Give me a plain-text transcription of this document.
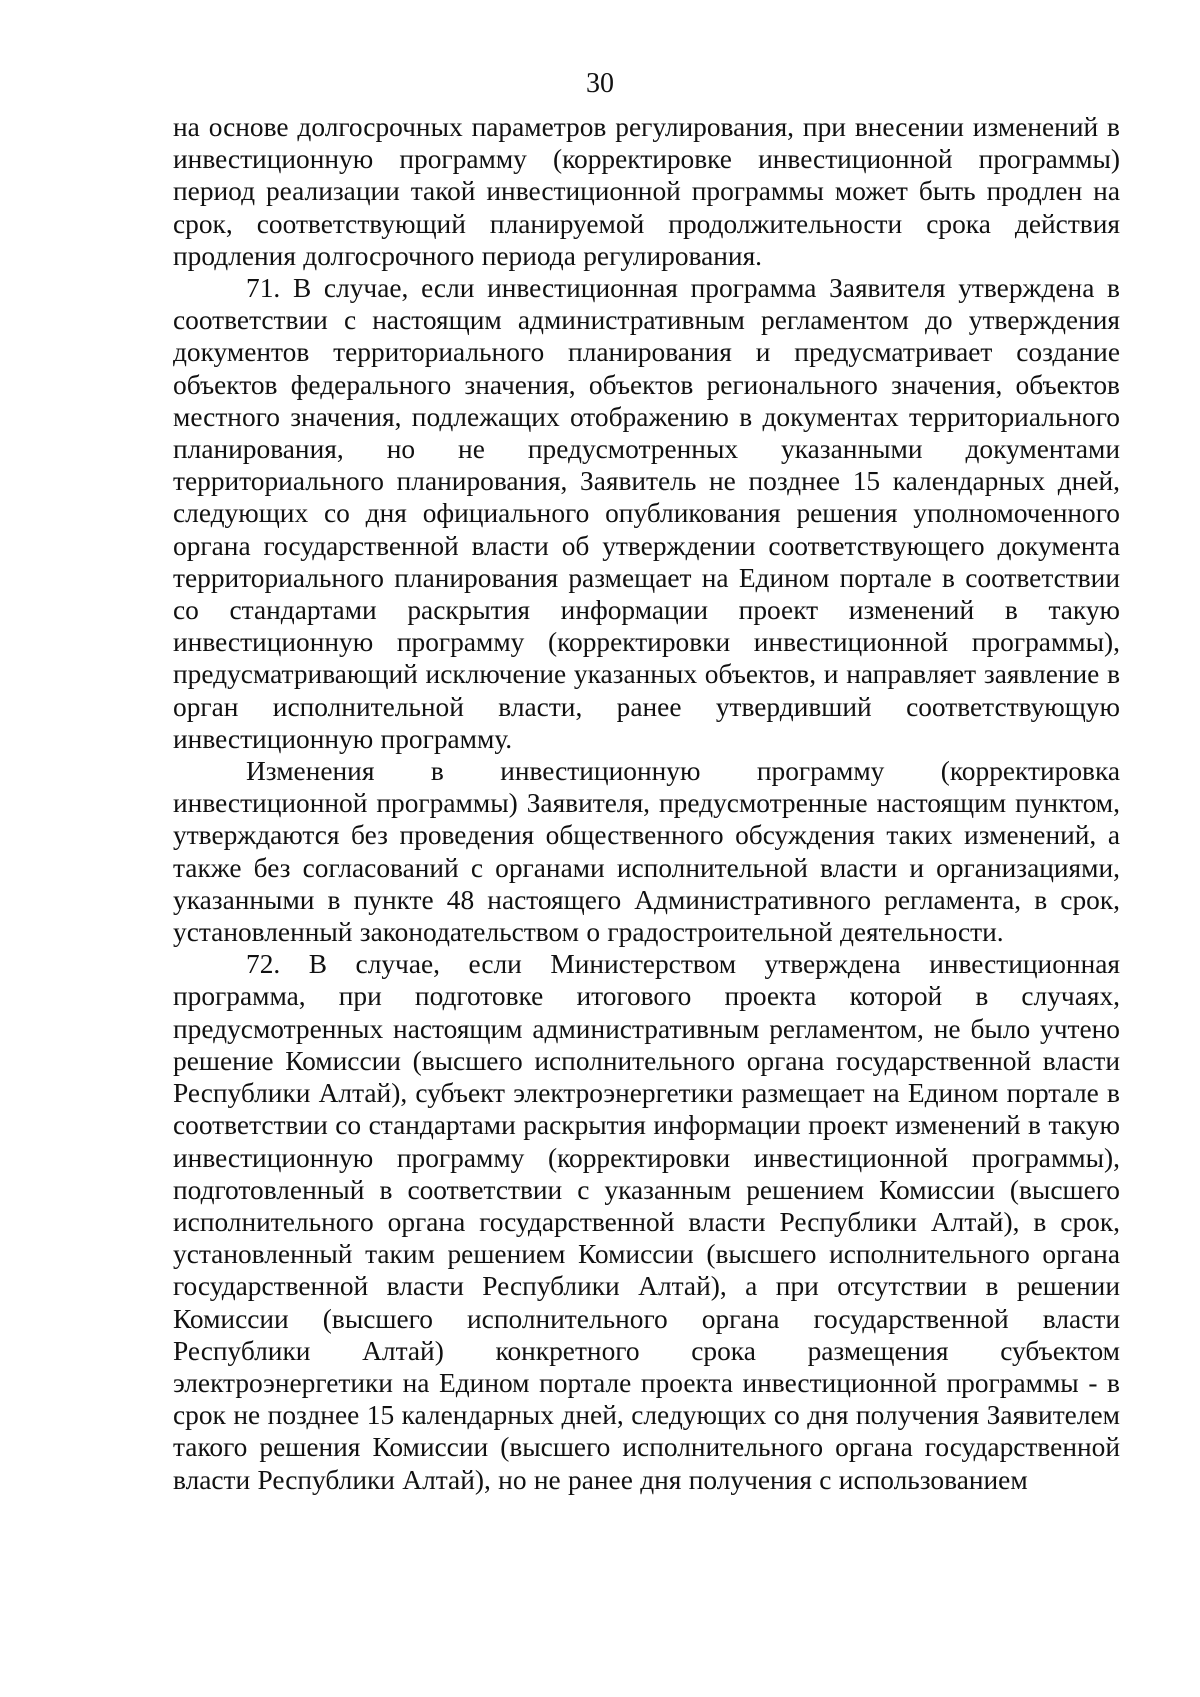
30

на основе долгосрочных параметров регулирования, при внесении изменений в инвестиционную программу (корректировке инвестиционной программы) период реализации такой инвестиционной программы может быть продлен на срок, соответствующий планируемой продолжительности срока действия продления долгосрочного периода регулирования.

71. В случае, если инвестиционная программа Заявителя утверждена в соответствии с настоящим административным регламентом до утверждения документов территориального планирования и предусматривает создание объектов федерального значения, объектов регионального значения, объектов местного значения, подлежащих отображению в документах территориального планирования, но не предусмотренных указанными документами территориального планирования, Заявитель не позднее 15 календарных дней, следующих со дня официального опубликования решения уполномоченного органа государственной власти об утверждении соответствующего документа территориального планирования размещает на Едином портале в соответствии со стандартами раскрытия информации проект изменений в такую инвестиционную программу (корректировки инвестиционной программы), предусматривающий исключение указанных объектов, и направляет заявление в орган исполнительной власти, ранее утвердивший соответствующую инвестиционную программу.

Изменения в инвестиционную программу (корректировка инвестиционной программы) Заявителя, предусмотренные настоящим пунктом, утверждаются без проведения общественного обсуждения таких изменений, а также без согласований с органами исполнительной власти и организациями, указанными в пункте 48 настоящего Административного регламента, в срок, установленный законодательством о градостроительной деятельности.

72. В случае, если Министерством утверждена инвестиционная программа, при подготовке итогового проекта которой в случаях, предусмотренных настоящим административным регламентом, не было учтено решение Комиссии (высшего исполнительного органа государственной власти Республики Алтай), субъект электроэнергетики размещает на Едином портале в соответствии со стандартами раскрытия информации проект изменений в такую инвестиционную программу (корректировки инвестиционной программы), подготовленный в соответствии с указанным решением Комиссии (высшего исполнительного органа государственной власти Республики Алтай), в срок, установленный таким решением Комиссии (высшего исполнительного органа государственной власти Республики Алтай), а при отсутствии в решении Комиссии (высшего исполнительного органа государственной власти Республики Алтай) конкретного срока размещения субъектом электроэнергетики на Едином портале проекта инвестиционной программы - в срок не позднее 15 календарных дней, следующих со дня получения Заявителем такого решения Комиссии (высшего исполнительного органа государственной власти Республики Алтай), но не ранее дня получения с использованием
